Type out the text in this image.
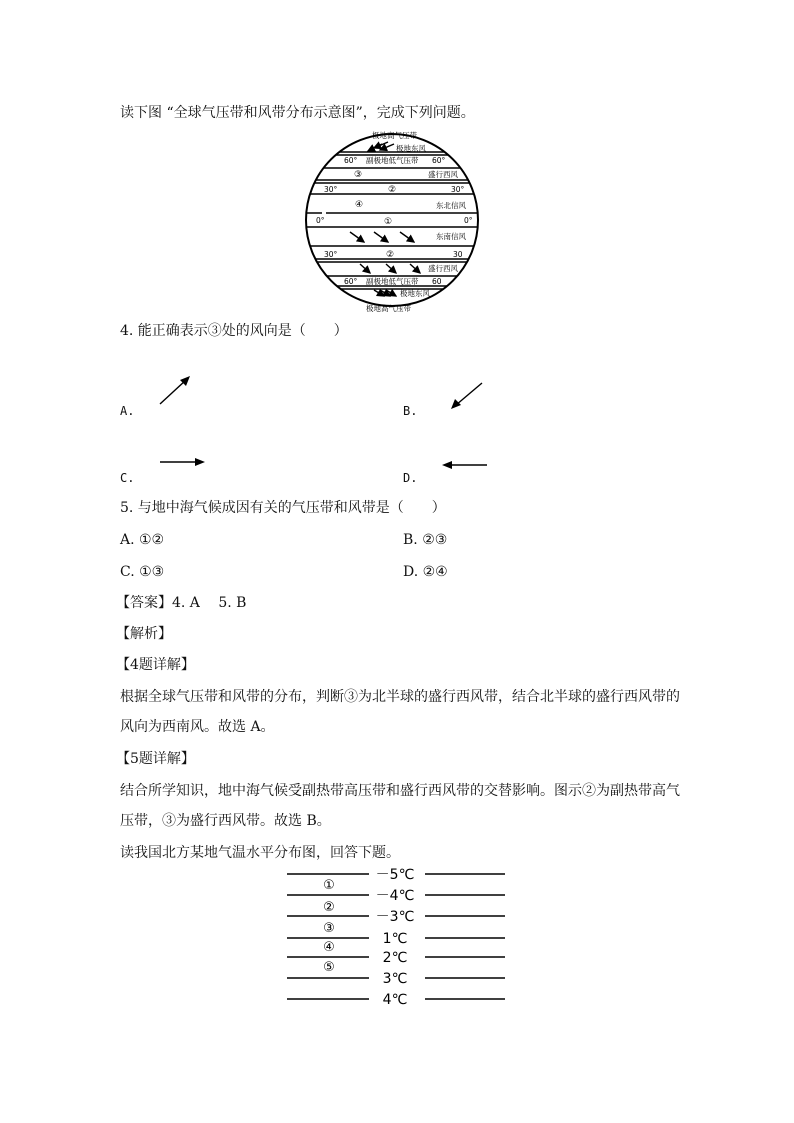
读下图 “全球气压带和风带分布示意图”，完成下列问题。
极地高气压带
极地东风
60° 副极地低气压带 60°
③	盛行西风
30°	②	30°
④	东北信风
0°	①	0°
东南信风
30°	②	30
盛行西风
60° 副极地低气压带 60
极地东风
极地高气压带
4. 能正确表示③处的风向是（　　）
A.	B.
C.	D.
5. 与地中海气候成因有关的气压带和风带是（　　）
A. ①②	B. ②③
C. ①③	D. ②④
【答案】4. A　 5. B
【解析】
【4题详解】
根据全球气压带和风带的分布，判断③为北半球的盛行西风带，结合北半球的盛行西风带的风向为西南风。故选 A。
【5题详解】
结合所学知识，地中海气候受副热带高压带和盛行西风带的交替影响。图示②为副热带高气压带，③为盛行西风带。故选 B。
读我国北方某地气温水平分布图，回答下题。
－5℃
－4℃
－3℃
1℃
2℃
3℃
4℃
①
②
③
④
⑤
